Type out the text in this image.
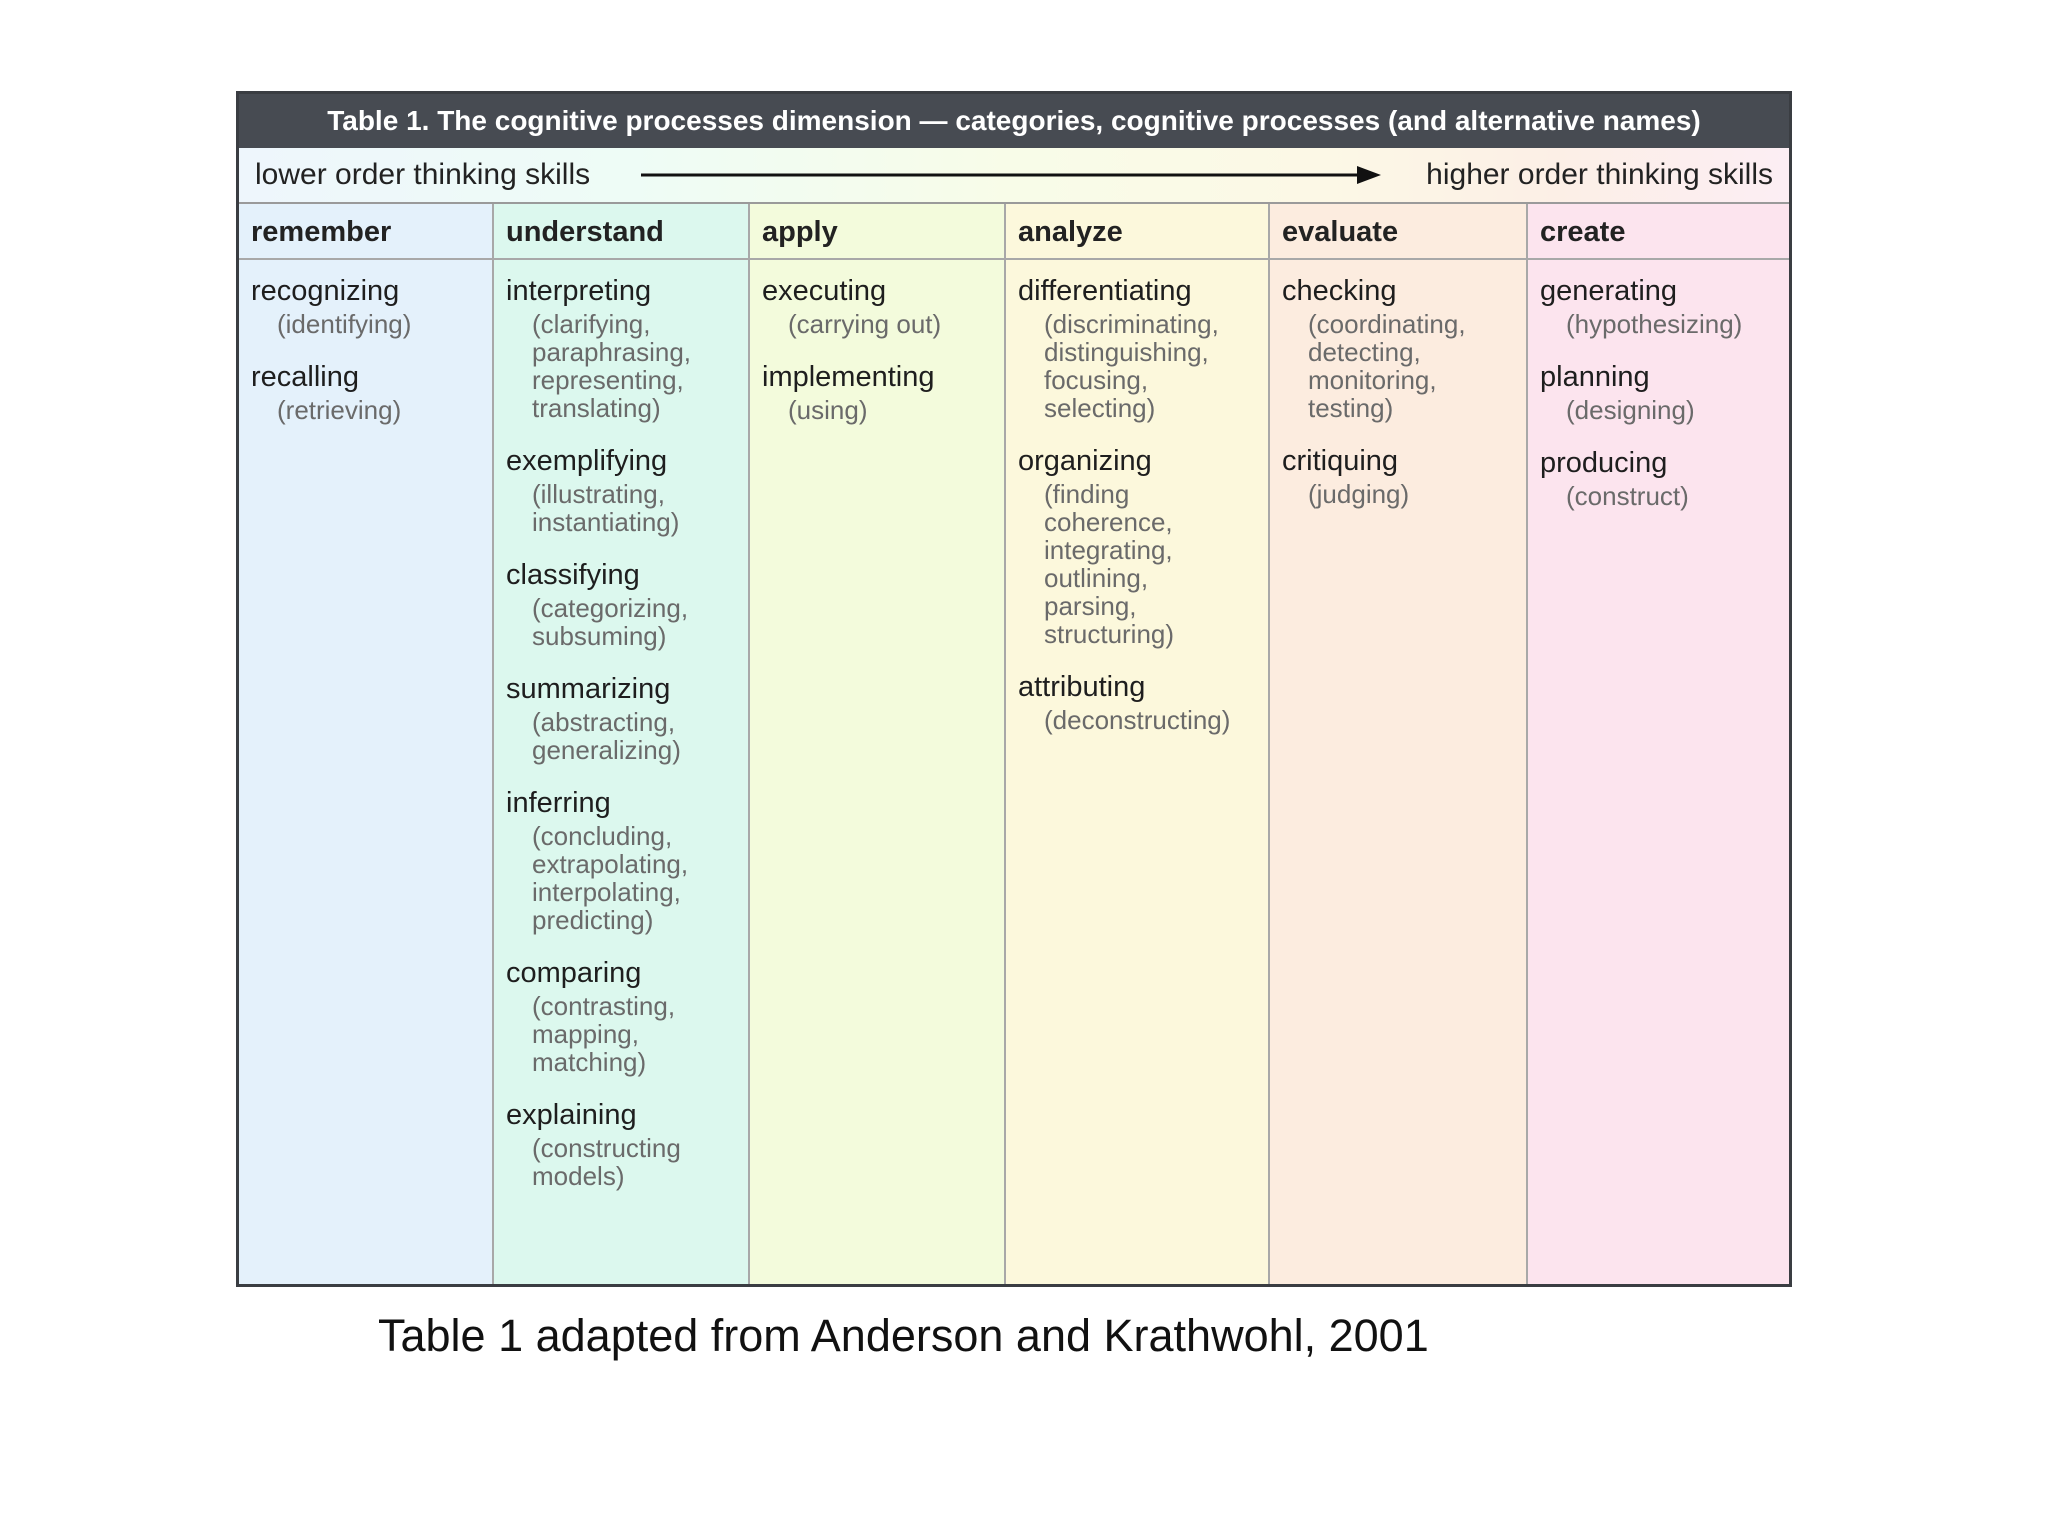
Table 1. The cognitive processes dimension — categories, cognitive processes (and alternative names)
lower order thinking skills	higher order thinking skills
remember
recognizing
(identifying)
recalling
(retrieving)
understand
interpreting
(clarifying,
paraphrasing,
representing,
translating)
exemplifying
(illustrating,
instantiating)
classifying
(categorizing,
subsuming)
summarizing
(abstracting,
generalizing)
inferring
(concluding,
extrapolating,
interpolating,
predicting)
comparing
(contrasting,
mapping,
matching)
explaining
(constructing
models)
apply
executing
(carrying out)
implementing
(using)
analyze
differentiating
(discriminating,
distinguishing,
focusing,
selecting)
organizing
(finding
coherence,
integrating,
outlining,
parsing,
structuring)
attributing
(deconstructing)
evaluate
checking
(coordinating,
detecting,
monitoring,
testing)
critiquing
(judging)
create
generating
(hypothesizing)
planning
(designing)
producing
(construct)
Table 1 adapted from Anderson and Krathwohl, 2001
